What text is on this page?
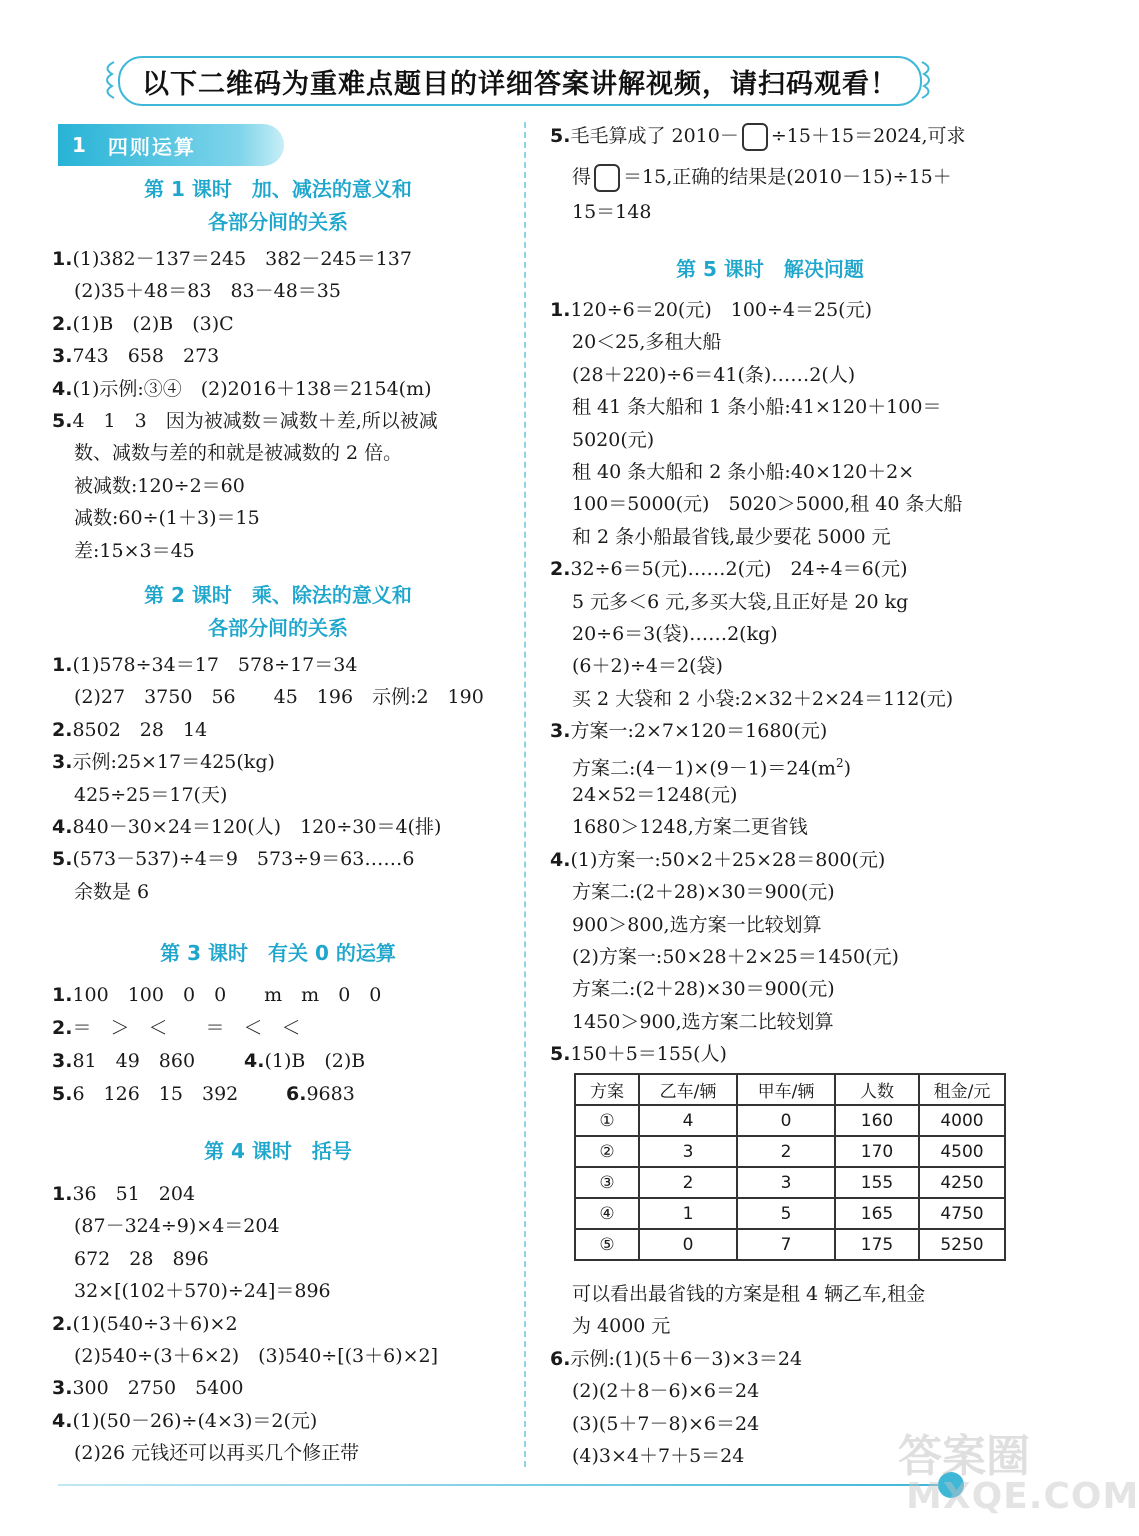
以下二维码为重难点题目的详细答案讲解视频，请扫码观看！
1 四则运算
第 1 课时　加、减法的意义和
各部分间的关系
1.(1)382－137＝245　382－245＝137
(2)35＋48＝83　83－48＝35
2.(1)B　(2)B　(3)C
3.743　658　273
4.(1)示例:③④　(2)2016＋138＝2154(m)
5.4　1　3　因为被减数＝减数＋差,所以被减
数、减数与差的和就是被减数的 2 倍。
被减数:120÷2＝60
减数:60÷(1＋3)＝15
差:15×3＝45
第 2 课时　乘、除法的意义和
各部分间的关系
1.(1)578÷34＝17　578÷17＝34
(2)27　3750　56　　45　196　示例:2　190
2.8502　28　14
3.示例:25×17＝425(kg)
425÷25＝17(天)
4.840－30×24＝120(人)　120÷30＝4(排)
5.(573－537)÷4＝9　573÷9＝63……6
余数是 6
第 3 课时　有关 0 的运算
1.100　100　0　0　　m　m　0　0
2.＝　＞　＜　　＝　＜　＜
3.81　49　860	4.(1)B　(2)B
5.6　126　15　392	6.9683
第 4 课时　括号
1.36　51　204
(87－324÷9)×4＝204
672　28　896
32×[(102＋570)÷24]＝896
2.(1)(540÷3＋6)×2
(2)540÷(3＋6×2)　(3)540÷[(3＋6)×2]
3.300　2750　5400
4.(1)(50－26)÷(4×3)＝2(元)
(2)26 元钱还可以再买几个修正带
5.毛毛算成了 2010－ ÷15＋15＝2024,可求
得 ＝15,正确的结果是(2010－15)÷15＋
15＝148
第 5 课时　解决问题
1.120÷6＝20(元)　100÷4＝25(元)
20＜25,多租大船
(28＋220)÷6＝41(条)……2(人)
租 41 条大船和 1 条小船:41×120＋100＝
5020(元)
租 40 条大船和 2 条小船:40×120＋2×
100＝5000(元)　5020＞5000,租 40 条大船
和 2 条小船最省钱,最少要花 5000 元
2.32÷6＝5(元)……2(元)　24÷4＝6(元)
5 元多＜6 元,多买大袋,且正好是 20 kg
20÷6＝3(袋)……2(kg)
(6＋2)÷4＝2(袋)
买 2 大袋和 2 小袋:2×32＋2×24＝112(元)
3.方案一:2×7×120＝1680(元)
方案二$:(4-1)\times(9-1)=24(m^2)$
24×52＝1248(元)
1680＞1248,方案二更省钱
4.(1)方案一:50×2＋25×28＝800(元)
方案二:(2＋28)×30＝900(元)
900＞800,选方案一比较划算
(2)方案一:50×28＋2×25＝1450(元)
方案二:(2＋28)×30＝900(元)
1450＞900,选方案二比较划算
5.150＋5＝155(人)
方案	乙车/辆	甲车/辆	人数	租金/元
①	4	0	160	4000
②	3	2	170	4500
③	2	3	155	4250
④	1	5	165	4750
⑤	0	7	175	5250
可以看出最省钱的方案是租 4 辆乙车,租金
为 4000 元
6.示例:(1)(5＋6－3)×3＝24
(2)(2＋8－6)×6＝24
(3)(5＋7－8)×6＝24
(4)3×4＋7＋5＝24	答案圈
MXQE.COM
